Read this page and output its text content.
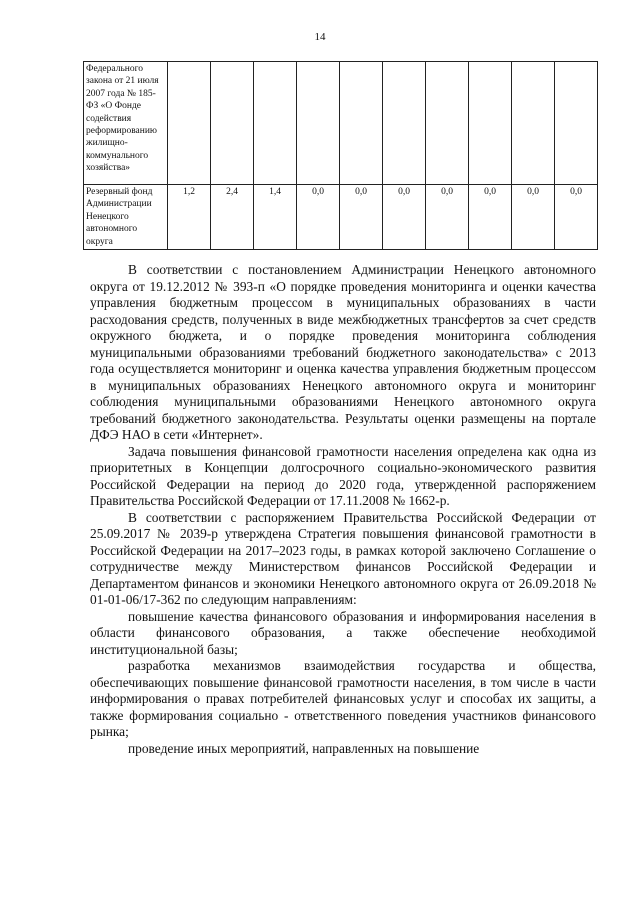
14
Федерального закона от 21 июля 2007 года № 185-ФЗ «О Фонде содействия реформированию жилищно-коммунального хозяйства»										
Резервный фонд Администрации Ненецкого автономного округа	1,2	2,4	1,4	0,0	0,0	0,0	0,0	0,0	0,0	0,0

В соответствии с постановлением Администрации Ненецкого автономного округа от 19.12.2012 № 393-п «О порядке проведения мониторинга и оценки качества управления бюджетным процессом в муниципальных образованиях в части расходования средств, полученных в виде межбюджетных трансфертов за счет средств окружного бюджета, и о порядке проведения мониторинга соблюдения муниципальными образованиями требований бюджетного законодательства» с 2013 года осуществляется мониторинг и оценка качества управления бюджетным процессом в муниципальных образованиях Ненецкого автономного округа и мониторинг соблюдения муниципальными образованиями Ненецкого автономного округа требований бюджетного законодательства. Результаты оценки размещены на портале ДФЭ НАО в сети «Интернет».

Задача повышения финансовой грамотности населения определена как одна из приоритетных в Концепции долгосрочного социально-экономического развития Российской Федерации на период до 2020 года, утвержденной распоряжением Правительства Российской Федерации от 17.11.2008 № 1662-р.

В соответствии с распоряжением Правительства Российской Федерации от 25.09.2017 № 2039-р утверждена Стратегия повышения финансовой грамотности в Российской Федерации на 2017–2023 годы, в рамках которой заключено Соглашение о сотрудничестве между Министерством финансов Российской Федерации и Департаментом финансов и экономики Ненецкого автономного округа от 26.09.2018 № 01-01-06/17-362 по следующим направлениям:

повышение качества финансового образования и информирования населения в области финансового образования, а также обеспечение необходимой институциональной базы;

разработка механизмов взаимодействия государства и общества, обеспечивающих повышение финансовой грамотности населения, в том числе в части информирования о правах потребителей финансовых услуг и способах их защиты, а также формирования социально - ответственного поведения участников финансового рынка;

проведение иных мероприятий, направленных на повышение
